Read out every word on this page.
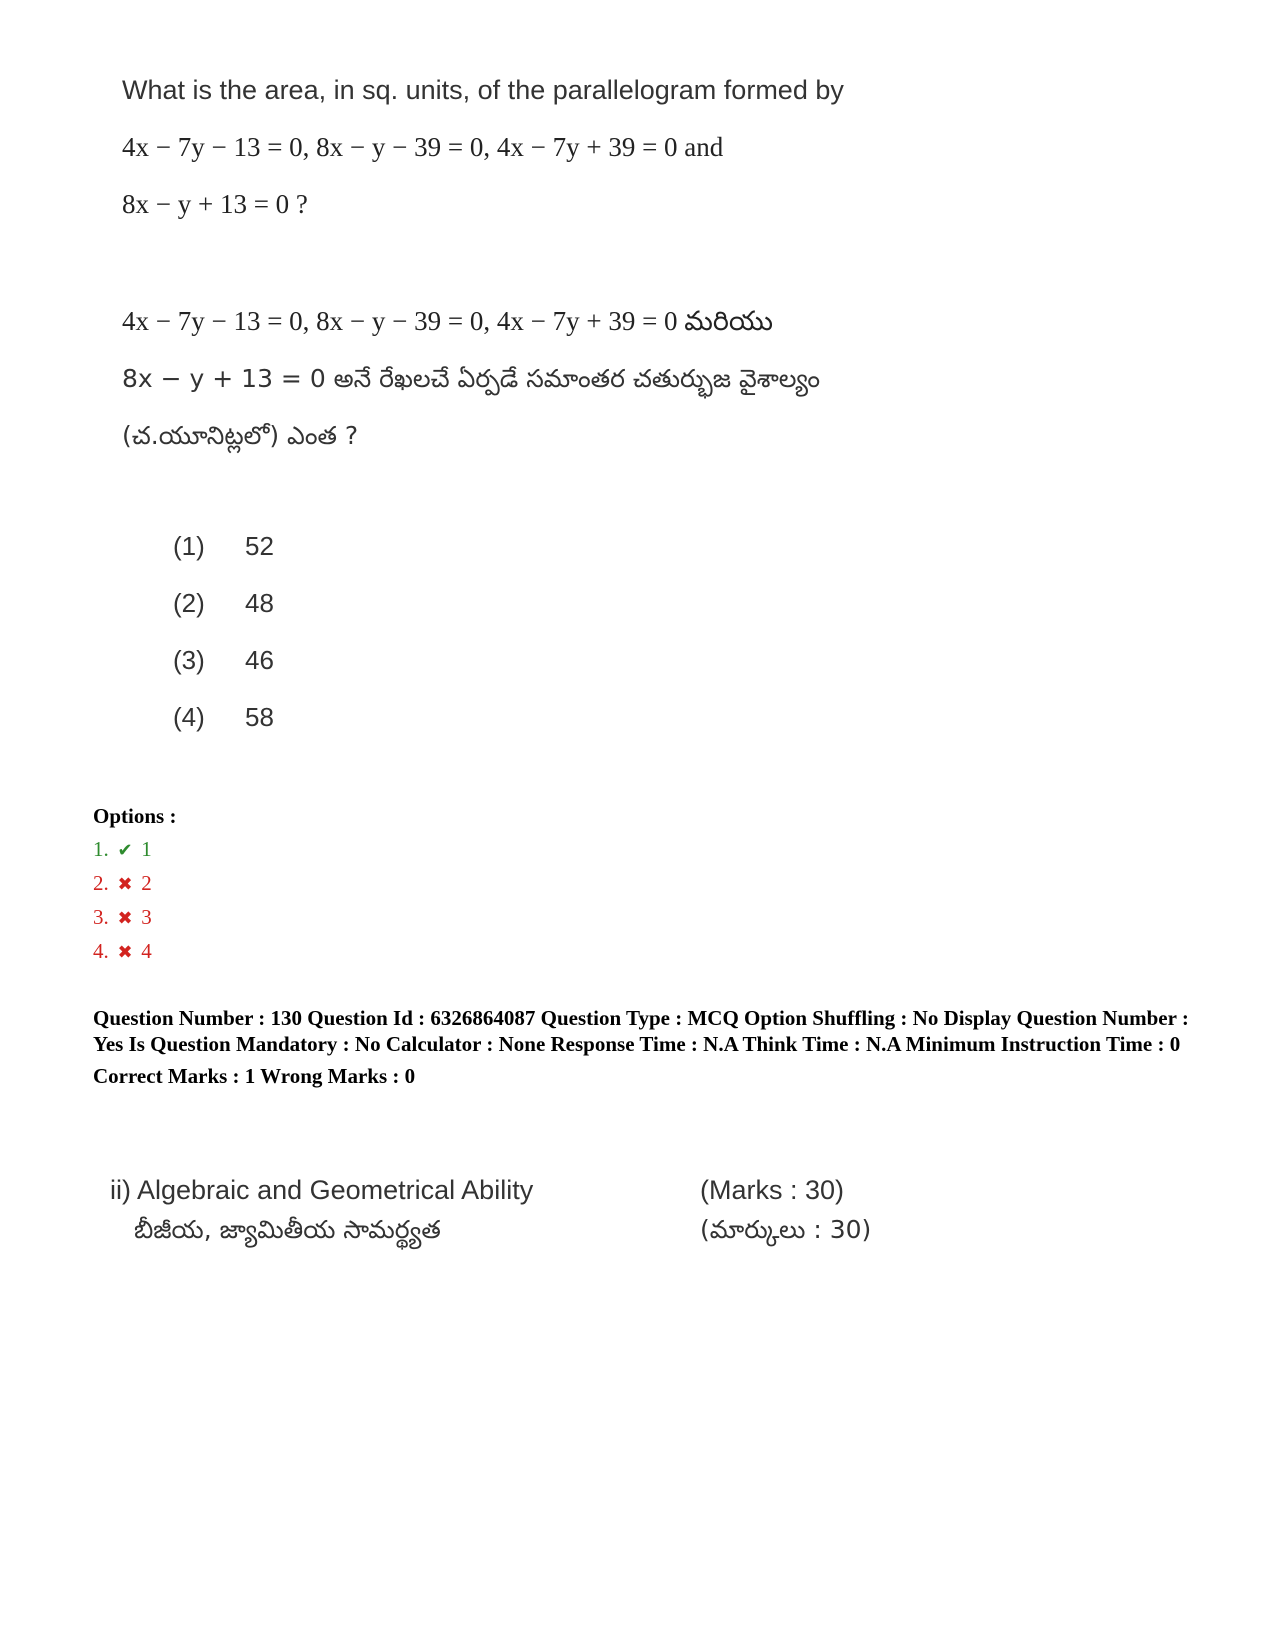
What is the area, in sq. units, of the parallelogram formed by
4x − 7y − 13 = 0, 8x − y − 39 = 0, 4x − 7y + 39 = 0 and
8x − y + 13 = 0 ?
4x − 7y − 13 = 0, 8x − y − 39 = 0, 4x − 7y + 39 = 0 మరియు
8x − y + 13 = 0 అనే రేఖలచే ఏర్పడే సమాంతర చతుర్భుజ వైశాల్యం
(చ.యూనిట్లలో) ఎంత ?
(1) 52
(2) 48
(3) 46
(4) 58
Options :
1. ✔ 1
2. ✖ 2
3. ✖ 3
4. ✖ 4
Question Number : 130 Question Id : 6326864087 Question Type : MCQ Option Shuffling : No Display Question Number : Yes Is Question Mandatory : No Calculator : None Response Time : N.A Think Time : N.A Minimum Instruction Time : 0
Correct Marks : 1 Wrong Marks : 0
ii) Algebraic and Geometrical Ability	(Marks : 30)
బీజీయ, జ్యామితీయ సామర్థ్యత	(మార్కులు : 30)
